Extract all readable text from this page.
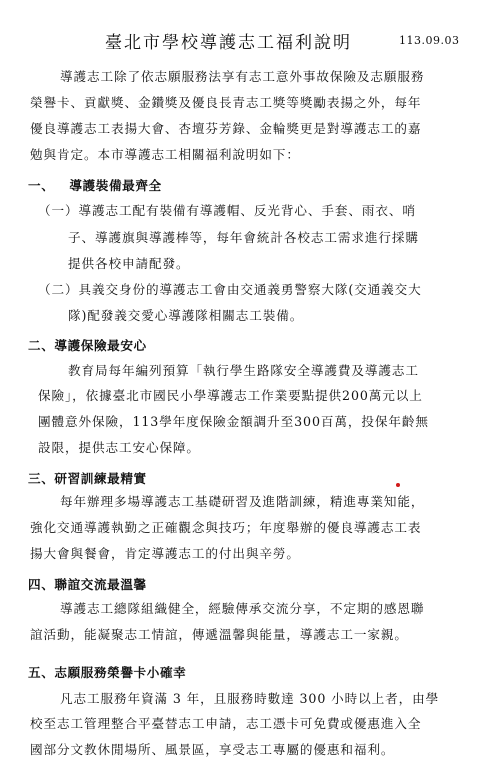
臺北市學校導護志工福利說明	113.09.03
導護志工除了依志願服務法享有志工意外事故保險及志願服務
榮譽卡、貢獻獎、金鑽獎及優良長青志工獎等獎勵表揚之外，每年
優良導護志工表揚大會、杏壇芬芳錄、金輪獎更是對導護志工的嘉
勉與肯定。本市導護志工相關福利說明如下：
一、 導護裝備最齊全
（一）導護志工配有裝備有導護帽、反光背心、手套、雨衣、哨
子、導護旗與導護棒等，每年會統計各校志工需求進行採購
提供各校申請配發。
（二）具義交身份的導護志工會由交通義勇警察大隊(交通義交大
隊)配發義交愛心導護隊相關志工裝備。
二、導護保險最安心
教育局每年編列預算「執行學生路隊安全導護費及導護志工
保險」，依據臺北市國民小學導護志工作業要點提供200萬元以上
團體意外保險，113學年度保險金額調升至300百萬，投保年齡無
設限，提供志工安心保障。
三、研習訓練最精實
每年辦理多場導護志工基礎研習及進階訓練，精進專業知能，
強化交通導護執勤之正確觀念與技巧；年度舉辦的優良導護志工表
揚大會與餐會，肯定導護志工的付出與辛勞。
四、聯誼交流最溫馨
導護志工總隊組織健全，經驗傳承交流分享，不定期的感恩聯
誼活動，能凝聚志工情誼，傳遞溫馨與能量，導護志工一家親。
五、志願服務榮譽卡小確幸
凡志工服務年資滿 3 年，且服務時數達 300 小時以上者，由學
校至志工管理整合平臺替志工申請，志工憑卡可免費或優惠進入全
國部分文教休閒場所、風景區，享受志工專屬的優惠和福利。
